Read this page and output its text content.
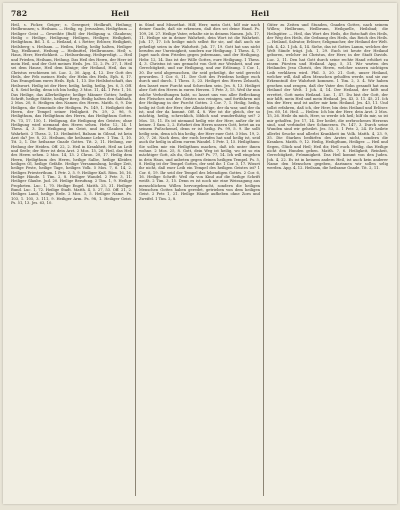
782	Heil	Heil

Heil, s. Ficker, Geiger; s. Gesegnet; Heilkraft, Heilung; Heilbrunnen; s. Heilsam. — Heilig, eg. Jerusalem, Heiligthum — Heiliger Geist — Geweihte (Buß) der Heiligung u. Glaubens; Heilig = Heilige, Heiligung; Heiligen, Heiliger, Heiligkeit, Heiligthum. Bd. 1. S. — Heiland, d. i. Retter; Erlöser, Heiligkeit, Heilsberg; s. Heilsam. — Heilen, Heilig, heilig halten, Heiliger Tag, Heilkunst, Heilung — Heilmittel, Heilbrunnen. Heil; s. Haus, Herr, Herrlichkeit. — Heilsordnung, Heilspredigt. — Heil und Frieden, Heilsam, Heilung. Das Heil des Herrn, der Herr ist mein Heil, und der Gott meines Heils. Jes. 12, 2. Ps. 27, 1. Heil sei dem Hause, Heil dem Könige; der Heiland, Heil, das in Christus erschienen ist. Luc. 2, 30. Apg. 4, 12. Der Gott des Heils, der Fels meines Heils; der Helm des Heils, Eph. 6, 17. Das Evangelium eures Heils. Eph. 1, 13. Die Heilsbotschaft, das Heilswort. Heilig ist der Herr, heilig, heilig, heilig. Jes. 6, 3. Off. 4, 8. Seid heilig, denn ich bin heilig. 3 Mos. 11, 44. 1 Petr. 1, 16. Das Heilige, das Allerheiligste; heilige Männer Gottes; heilige Schrift, heilige Stätte, heiliger Berg. Heilig halten den Sabbath. 2 Mos. 20, 8. Heiligen den Namen des Herrn. Matth. 6, 9. Die Heiligen, die Gemeinde der Heiligen. Ps. 149, 1. Heiligkeit des Herrn, der Tempel seiner Heiligkeit. Ps. 29, 2. 96, 9. Heiligthum, das Heiligthum des Herrn, das Heiligthum Gottes. Ps. 73, 17. 150, 1. Heiligung, die Heiligung des Geistes; ohne Heiligung wird niemand den Herrn sehen. Hebr. 12, 14. 1 Thess. 4, 3. Die Heiligung im Geist, und im Glauben der Wahrheit. 2 Thess. 2, 13. Heilmittel, Balsam in Gilead, ist kein Arzt da? Jer. 8, 22. Heilsam, die heilsame Lehre. 1 Tim. 1, 10. Tit. 2, 1. Die heilsame Gnade Gottes. Tit. 2, 11. Heilung, zur Heilung der Heiden. Off. 22, 2. Heil in Krankheit, Heil an Leib und Seele; der Herr ist dein Arzt. 2 Mos. 15, 26. Heil, das Heil des Herrn sehen. 2 Mos. 14, 13. 2 Chron. 20, 17. Heilig dem Herrn, Heiligthum des Herrn, heilige Salbe, heilige Kleider, heiliges Öl, heilige Gefäße. Heilige Versammlung, heilige Zeit, heilige Feste, heilige Tage, heiliges Volk. 5 Mos. 7, 6. 14, 2. Heiliges Priesterthum. 1 Petr. 2, 5. 9. Heiliger Kuß. Röm. 16, 16. Heilige Hände. 1 Tim. 2, 8. Heiliger Wandel. 2 Petr. 3, 11. Heiliger Glaube. Jud. 20. Heilige Berufung. 2 Tim. 1, 9. Heilige Propheten. Luc. 1, 70. Heilige Engel. Matth. 25, 31. Heiliger Bund. Luc. 1, 72. Heilige Stadt. Matth. 4, 5. 27, 53. Off. 21, 2. Heiliges Land, heilige Erde. 2 Mos. 3, 5. Heiliger Name. Ps. 103, 1. 105, 3. 111, 9. Heiliger Arm. Ps. 98, 1. Heiliger Geist. Ps. 51, 13. Jes. 63, 10.

in Sünd und Missethat. Hilf, Herr, mein Gott, hilf mir nach deiner Gnade, daß sie erkennen, daß dies sei deine Hand. Ps. 109, 26. 27. Heilige Vater, erhalte sie in deinem Namen. Joh. 17, 11. Heilige sie in deiner Wahrheit, dein Wort ist die Wahrheit. Joh. 17, 17. Ich heilige mich selbst für sie, auf daß auch sie geheiligt seien in der Wahrheit. Joh. 17, 19. Gott hat uns nicht berufen zur Unreinigkeit, sondern zur Heiligung. 1 Thess. 4, 7. Jaget nach dem Frieden gegen jedermann, und der Heiligung. Hebr. 12, 14. Das ist der Wille Gottes, eure Heiligung. 1 Thess. 4, 3. Christus ist uns gemacht von Gott zur Weisheit, und zur Gerechtigkeit, und zur Heiligung, und zur Erlösung. 1 Cor. 1, 30. Ihr seid abgewaschen, ihr seid geheiligt, ihr seid gerecht geworden. 1 Cor. 6, 11. Der Gott des Friedens heilige euch durch und durch. 1 Thess. 5, 23. Heiliget den Herrn Zebaoth, den lasset eure Furcht und Schrecken sein. Jes. 8, 13. Heiliget aber Gott den Herrn in euren Herzen. 1 Petr. 3, 15. Weil ihr nun solche Verheißungen habt, so lasset uns von aller Befleckung des Fleisches und des Geistes uns reinigen, und fortfahren mit der Heiligung in der Furcht Gottes. 2 Cor. 7, 1. Heilig, heilig, heilig ist Gott der Herr, der Allmächtige, der da war, und der da ist, und der da kommt. Off. 4, 8. Wer ist dir gleich, der so mächtig, heilig, schrecklich, löblich und wunderthätig sei? 2 Mos. 15, 11. Es ist niemand heilig wie der Herr, außer dir ist keiner. 1 Sam. 2, 2. Erhebet den Herrn unsern Gott, betet an zu seinem Fußschemel, denn er ist heilig. Ps. 99, 5. 9. Ihr sollt heilig sein, denn ich bin heilig, der Herr euer Gott. 3 Mos. 19, 2. 20, 7. 26. Nach dem, der euch berufen hat und heilig ist, seid auch ihr heilig in allem eurem Wandel. 1 Petr. 1, 15. Heiligthum: Sie sollen mir ein Heiligthum machen, daß ich unter ihnen wohne. 2 Mos. 25, 8. Gott, dein Weg ist heilig, wo ist so ein mächtiger Gott, als du, Gott, bist? Ps. 77, 14. Ich will eingehen in dein Haus, und anbeten gegen deinen heiligen Tempel. Ps. 5, 8. Heilig ist der Tempel Gottes, der seid ihr. 1 Cor. 3, 17. Wisset ihr nicht, daß euer Leib ein Tempel des heiligen Geistes ist? 1 Cor. 6, 19. Ihr seid der Tempel des lebendigen Gottes. 2 Cor. 6, 16. Heilige Schrift: Weil du von Kind auf die heilige Schrift weißt. 2 Tim. 3, 15. Denn es ist noch nie eine Weissagung aus menschlichem Willen hervorgebracht, sondern die heiligen Menschen Gottes haben geredet, getrieben von dem heiligen Geist. 2 Petr. 1, 21. Heilige Hände aufheben ohne Zorn und Zweifel. 1 Tim. 2, 8.

Güter zu Zeiten und Stunden, Gnaden Gottes, nach seinem Willen; Heilbronn, Heilbrunn, Heilquelle, Heilsbad; die Heilsgüter. — Heil, das Wort des Heils, die Botschaft des Heils, der Weg des Heils, die Ordnung des Heils, das Reich des Heils. — Heiland, Salvator, Erlöser, Seligmacher, der Heiland der Welt. Joh. 4, 42. 1 Joh. 4, 14. Siehe, das ist Gottes Lamm, welches der Welt Sünde trägt. Joh. 1, 29. Euch ist heute der Heiland geboren, welcher ist Christus, der Herr, in der Stadt Davids. Luc. 2, 11. Den hat Gott durch seine rechte Hand erhöhet zu einem Fürsten und Heiland. Apg. 5, 31. Wir warten des Heilandes Jesu Christi, des Herrn, welcher unsern nichtigen Leib verklären wird. Phil. 3, 20. 21. Gott, unser Heiland, welcher will, daß allen Menschen geholfen werde, und sie zur Erkenntniß der Wahrheit kommen. 1 Tim. 2, 3. 4. Wir haben gesehen und zeugen, daß der Vater den Sohn gesandt hat zum Heiland der Welt. 1 Joh. 4, 14. Der Heiland, der hilft und errettet, Gott mein Heiland. Luc. 1, 47. Du bist der Gott, der mir hilft, mein Heil und mein Heiland. Jes. 43, 3. 11. 45, 21. Ich bin der Herr, und ist außer mir kein Heiland. Jes. 43, 11. Und sollst erfahren, daß ich, der Herr, bin dein Heiland und Erlöser. Jes. 60, 16. Heil. — Heilen: Ich bin der Herr, dein Arzt. 2 Mos. 15, 26. Heile du mich, Herr, so werde ich heil; hilf du mir, so ist mir geholfen. Jer. 17, 14. Der heilet, die zerbrochenes Herzens sind, und verbindet ihre Schmerzen. Ps. 147, 3. Durch seine Wunden sind wir geheilet. Jes. 53, 5. 1 Petr. 2, 24. Er heilete allerlei Seuche und allerlei Krankheit im Volk. Matth. 4, 23. 9, 35. Die Starken bedürfen des Arztes nicht, sondern die Kranken. Matth. 9, 12. Heilig, Heiligthum, Heiliger. — Heil und Segen, Glück und Heil; Heil dir, Heil euch. Heilig, das Heilige nicht den Hunden geben. Matth. 7, 6. Heiligkeit, Reinheit, Gerechtigkeit, Frömmigkeit. Das Heil kommt von den Juden. Joh. 4, 22. Es ist in keinem andern Heil, ist auch kein anderer Name den Menschen gegeben, darinnen wir sollen selig werden. Apg. 4, 12. Heilsam, die heilsame Gnade. Tit. 2, 11.
